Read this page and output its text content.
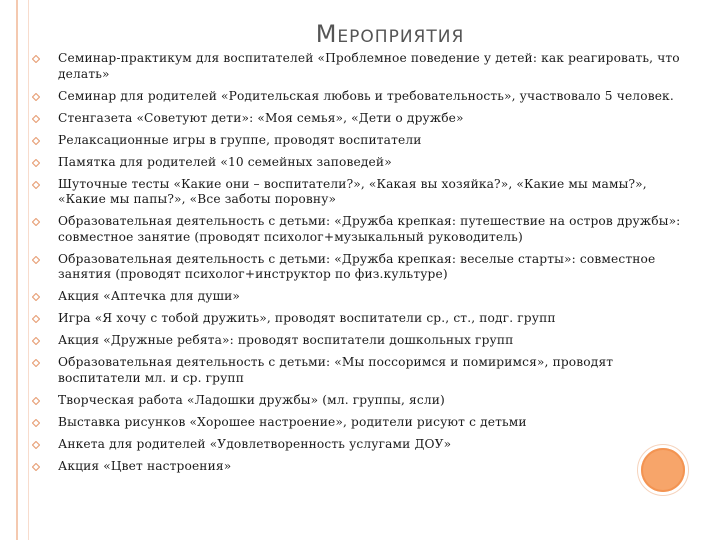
Мероприятия
Семинар-практикум для воспитателей «Проблемное поведение у детей: как реагировать, что делать»
Семинар для родителей «Родительская любовь и требовательность», участвовало 5 человек.
Стенгазета «Советуют дети»: «Моя семья», «Дети о дружбе»
Релаксационные игры в группе, проводят воспитатели
Памятка для родителей «10 семейных заповедей»
Шуточные тесты «Какие они – воспитатели?», «Какая вы хозяйка?», «Какие мы мамы?», «Какие мы папы?», «Все заботы поровну»
Образовательная деятельность с детьми: «Дружба крепкая: путешествие на остров дружбы»: совместное занятие (проводят психолог+музыкальный руководитель)
Образовательная деятельность с детьми: «Дружба крепкая: веселые старты»: совместное занятия (проводят психолог+инструктор по физ.культуре)
Акция «Аптечка для души»
Игра «Я хочу с тобой дружить», проводят воспитатели ср., ст., подг. групп
Акция «Дружные ребята»: проводят воспитатели дошкольных групп
Образовательная деятельность с детьми: «Мы поссоримся и помиримся», проводят воспитатели мл. и ср. групп
Творческая работа «Ладошки дружбы» (мл. группы, ясли)
Выставка рисунков «Хорошее настроение», родители рисуют с детьми
Анкета для родителей «Удовлетворенность услугами ДОУ»
Акция «Цвет настроения»
